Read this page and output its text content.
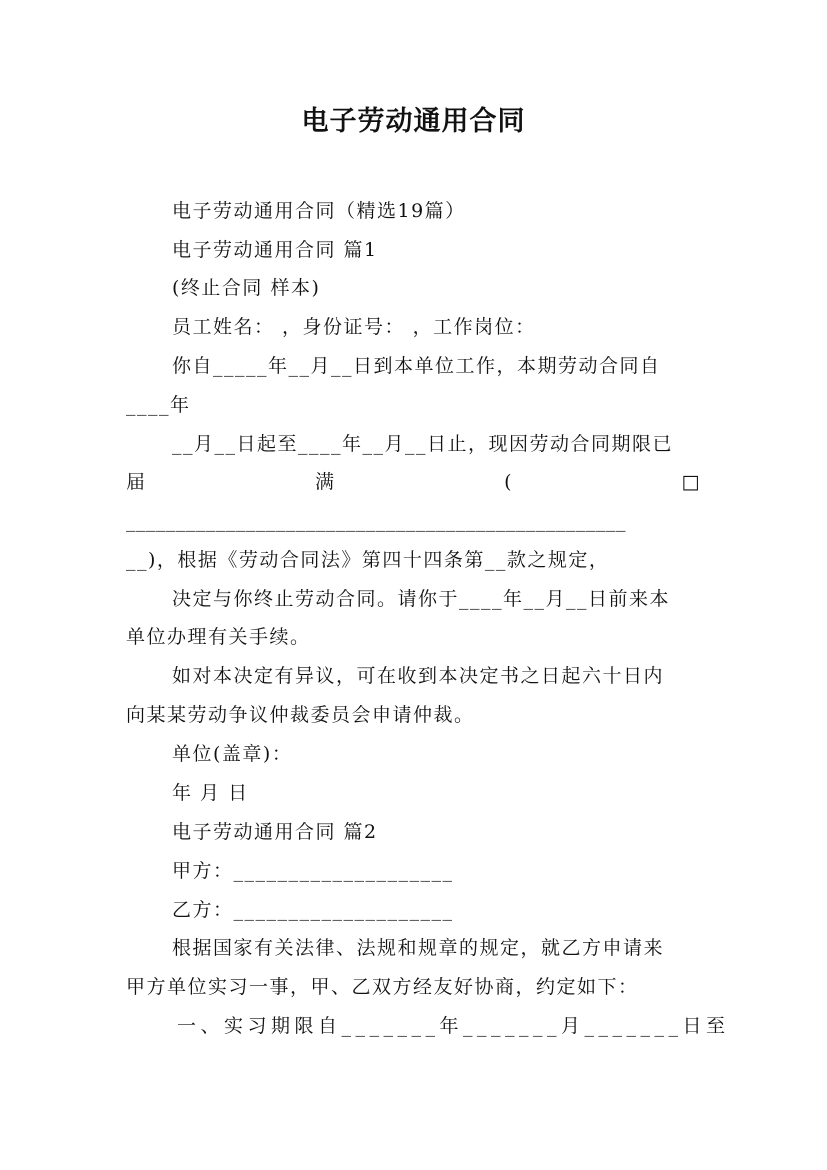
电子劳动通用合同
电子劳动通用合同（精选19篇）
电子劳动通用合同 篇1
(终止合同 样本)
员工姓名： ，身份证号： ，工作岗位：
你自_____年__月__日到本单位工作，本期劳动合同自
____年
__月__日起至____年__月__日止，现因劳动合同期限已
届	满	(	□
__________________________________________________
__)，根据《劳动合同法》第四十四条第__款之规定，
决定与你终止劳动合同。请你于____年__月__日前来本
单位办理有关手续。
如对本决定有异议，可在收到本决定书之日起六十日内
向某某劳动争议仲裁委员会申请仲裁。
单位(盖章)：
年 月 日
电子劳动通用合同 篇2
甲方：____________________
乙方：____________________
根据国家有关法律、法规和规章的规定，就乙方申请来
甲方单位实习一事，甲、乙双方经友好协商，约定如下：
一、实习期限自_______年_______月_______日至
